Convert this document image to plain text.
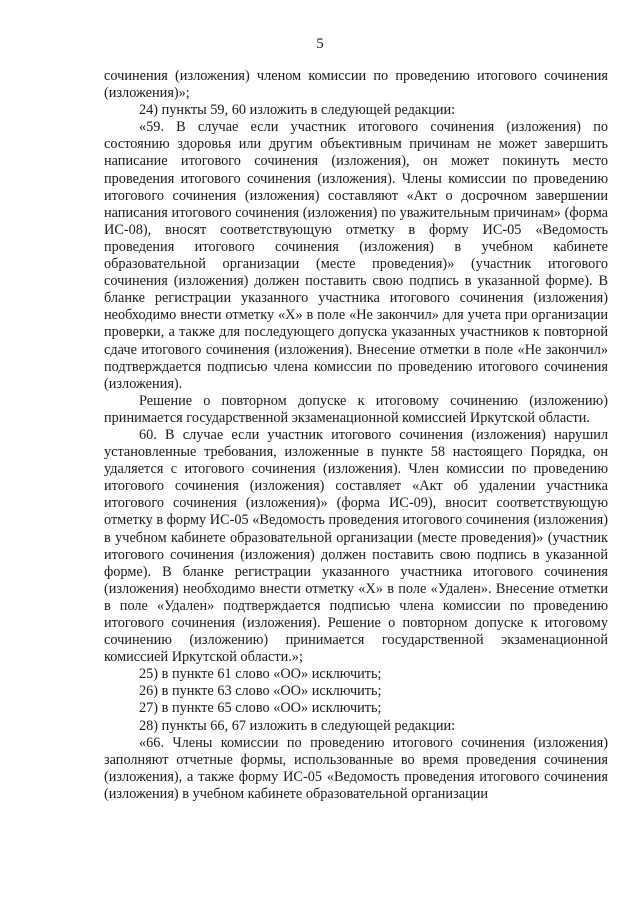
5

сочинения (изложения) членом комиссии по проведению итогового сочинения (изложения)»;

24) пункты 59, 60 изложить в следующей редакции:

«59. В случае если участник итогового сочинения (изложения) по состоянию здоровья или другим объективным причинам не может завершить написание итогового сочинения (изложения), он может покинуть место проведения итогового сочинения (изложения). Члены комиссии по проведению итогового сочинения (изложения) составляют «Акт о досрочном завершении написания итогового сочинения (изложения) по уважительным причинам» (форма ИС-08), вносят соответствующую отметку в форму ИС-05 «Ведомость проведения итогового сочинения (изложения) в учебном кабинете образовательной организации (месте проведения)» (участник итогового сочинения (изложения) должен поставить свою подпись в указанной форме). В бланке регистрации указанного участника итогового сочинения (изложения) необходимо внести отметку «Х» в поле «Не закончил» для учета при организации проверки, а также для последующего допуска указанных участников к повторной сдаче итогового сочинения (изложения). Внесение отметки в поле «Не закончил» подтверждается подписью члена комиссии по проведению итогового сочинения (изложения).

Решение о повторном допуске к итоговому сочинению (изложению) принимается государственной экзаменационной комиссией Иркутской области.

60. В случае если участник итогового сочинения (изложения) нарушил установленные требования, изложенные в пункте 58 настоящего Порядка, он удаляется с итогового сочинения (изложения). Член комиссии по проведению итогового сочинения (изложения) составляет «Акт об удалении участника итогового сочинения (изложения)» (форма ИС-09), вносит соответствующую отметку в форму ИС-05 «Ведомость проведения итогового сочинения (изложения) в учебном кабинете образовательной организации (месте проведения)» (участник итогового сочинения (изложения) должен поставить свою подпись в указанной форме). В бланке регистрации указанного участника итогового сочинения (изложения) необходимо внести отметку «Х» в поле «Удален». Внесение отметки в поле «Удален» подтверждается подписью члена комиссии по проведению итогового сочинения (изложения). Решение о повторном допуске к итоговому сочинению (изложению) принимается государственной экзаменационной комиссией Иркутской области.»;

25) в пункте 61 слово «ОО» исключить;

26) в пункте 63 слово «ОО» исключить;

27) в пункте 65 слово «ОО» исключить;

28) пункты 66, 67 изложить в следующей редакции:

«66. Члены комиссии по проведению итогового сочинения (изложения) заполняют отчетные формы, использованные во время проведения сочинения (изложения), а также форму ИС-05 «Ведомость проведения итогового сочинения (изложения) в учебном кабинете образовательной организации
